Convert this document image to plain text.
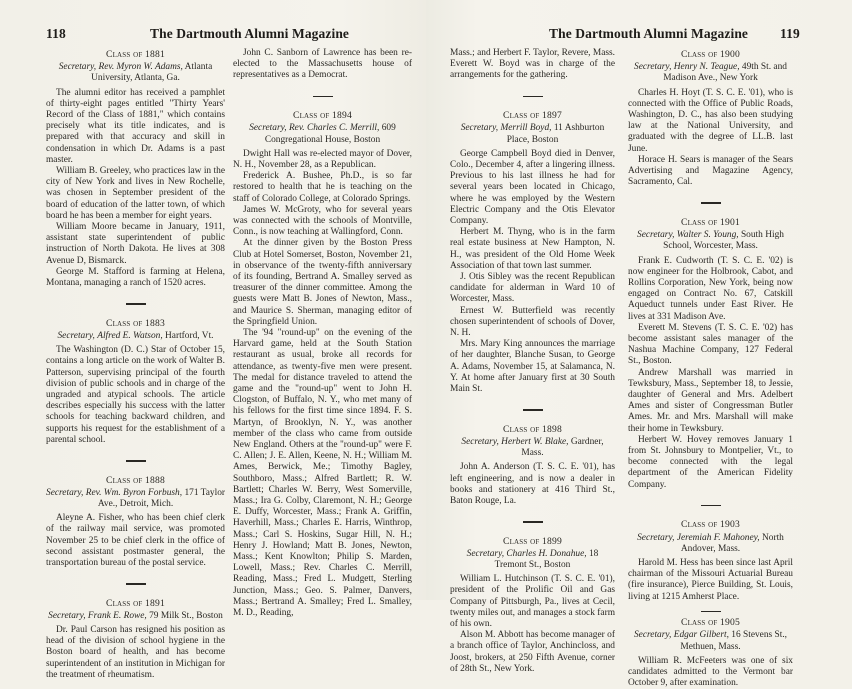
118	The Dartmouth Alumni Magazine
Class of 1881
Secretary, Rev. Myron W. Adams, Atlanta University, Atlanta, Ga.

The alumni editor has received a pamphlet of thirty-eight pages entitled "Thirty Years' Record of the Class of 1881," which contains precisely what its title indicates, and is prepared with that accuracy and skill in condensation in which Dr. Adams is a past master.

William B. Greeley, who practices law in the city of New York and lives in New Rochelle, was chosen in September president of the board of education of the latter town, of which board he has been a member for eight years.

William Moore became in January, 1911, assistant state superintendent of public instruction of North Dakota. He lives at 308 Avenue D, Bismarck.

George M. Stafford is farming at Helena, Montana, managing a ranch of 1520 acres.

Class of 1883
Secretary, Alfred E. Watson, Hartford, Vt.

The Washington (D. C.) Star of October 15, contains a long article on the work of Walter B. Patterson, supervising principal of the fourth division of public schools and in charge of the ungraded and atypical schools. The article describes especially his success with the latter schools for teaching backward children, and supports his request for the establishment of a parental school.

Class of 1888
Secretary, Rev. Wm. Byron Forbush, 171 Taylor Ave., Detroit, Mich.

Aleyne A. Fisher, who has been chief clerk of the railway mail service, was promoted November 25 to be chief clerk in the office of second assistant postmaster general, the transportation bureau of the postal service.

Class of 1891
Secretary, Frank E. Rowe, 79 Milk St., Boston

Dr. Paul Carson has resigned his position as head of the division of school hygiene in the Boston board of health, and has become superintendent of an institution in Michigan for the treatment of rheumatism.

John C. Sanborn of Lawrence has been re-elected to the Massachusetts house of representatives as a Democrat.

Class of 1894
Secretary, Rev. Charles C. Merrill, 609 Congregational House, Boston

Dwight Hall was re-elected mayor of Dover, N. H., November 28, as a Republican.

Frederick A. Bushee, Ph.D., is so far restored to health that he is teaching on the staff of Colorado College, at Colorado Springs.

James W. McGroty, who for several years was connected with the schools of Montville, Conn., is now teaching at Wallingford, Conn.

At the dinner given by the Boston Press Club at Hotel Somerset, Boston, November 21, in observance of the twenty-fifth anniversary of its founding, Bertrand A. Smalley served as treasurer of the dinner committee. Among the guests were Matt B. Jones of Newton, Mass., and Maurice S. Sherman, managing editor of the Springfield Union.

The '94 "round-up" on the evening of the Harvard game, held at the South Station restaurant as usual, broke all records for attendance, as twenty-five men were present. The medal for distance traveled to attend the game and the "round-up" went to John H. Clogston, of Buffalo, N. Y., who met many of his fellows for the first time since 1894. F. S. Martyn, of Brooklyn, N. Y., was another member of the class who came from outside New England. Others at the "round-up" were F. C. Allen; J. E. Allen, Keene, N. H.; William M. Ames, Berwick, Me.; Timothy Bagley, Southboro, Mass.; Alfred Bartlett; R. W. Bartlett; Charles W. Berry, West Somerville, Mass.; Ira G. Colby, Claremont, N. H.; George E. Duffy, Worcester, Mass.; Frank A. Griffin, Haverhill, Mass.; Charles E. Harris, Winthrop, Mass.; Carl S. Hoskins, Sugar Hill, N. H.; Henry J. Howland; Matt B. Jones, Newton, Mass.; Kent Knowlton; Philip S. Marden, Lowell, Mass.; Rev. Charles C. Merrill, Reading, Mass.; Fred L. Mudgett, Sterling Junction, Mass.; Geo. S. Palmer, Danvers, Mass.; Bertrand A. Smalley; Fred L. Smalley, M. D., Reading,

The Dartmouth Alumni Magazine 119

Mass.; and Herbert F. Taylor, Revere, Mass. Everett W. Boyd was in charge of the arrangements for the gathering.

Class of 1897
Secretary, Merrill Boyd, 11 Ashburton Place, Boston

George Campbell Boyd died in Denver, Colo., December 4, after a lingering illness. Previous to his last illness he had for several years been located in Chicago, where he was employed by the Western Electric Company and the Otis Elevator Company.

Herbert M. Thyng, who is in the farm real estate business at New Hampton, N. H., was president of the Old Home Week Association of that town last summer.

J. Otis Sibley was the recent Republican candidate for alderman in Ward 10 of Worcester, Mass.

Ernest W. Butterfield was recently chosen superintendent of schools of Dover, N. H.

Mrs. Mary King announces the marriage of her daughter, Blanche Susan, to George A. Adams, November 15, at Salamanca, N. Y. At home after January first at 30 South Main St.

Class of 1898
Secretary, Herbert W. Blake, Gardner, Mass.

John A. Anderson (T. S. C. E. '01), has left engineering, and is now a dealer in books and stationery at 416 Third St., Baton Rouge, La.

Class of 1899
Secretary, Charles H. Donahue, 18 Tremont St., Boston

William L. Hutchinson (T. S. C. E. '01), president of the Prolific Oil and Gas Company of Pittsburgh, Pa., lives at Cecil, twenty miles out, and manages a stock farm of his own.

Alson M. Abbott has become manager of a branch office of Taylor, Anchincloss, and Joost, brokers, at 250 Fifth Avenue, corner of 28th St., New York.

Class of 1900
Secretary, Henry N. Teague, 49th St. and Madison Ave., New York

Charles H. Hoyt (T. S. C. E. '01), who is connected with the Office of Public Roads, Washington, D. C., has also been studying law at the National University, and graduated with the degree of LL.B. last June.

Horace H. Sears is manager of the Sears Advertising and Magazine Agency, Sacramento, Cal.

Class of 1901
Secretary, Walter S. Young, South High School, Worcester, Mass.

Frank E. Cudworth (T. S. C. E. '02) is now engineer for the Holbrook, Cabot, and Rollins Corporation, New York, being now engaged on Contract No. 67, Catskill Aqueduct tunnels under East River. He lives at 331 Madison Ave.

Everett M. Stevens (T. S. C. E. '02) has become assistant sales manager of the Nashua Machine Company, 127 Federal St., Boston.

Andrew Marshall was married in Tewksbury, Mass., September 18, to Jessie, daughter of General and Mrs. Adelbert Ames and sister of Congressman Butler Ames. Mr. and Mrs. Marshall will make their home in Tewksbury.

Herbert W. Hovey removes January 1 from St. Johnsbury to Montpelier, Vt., to become connected with the legal department of the American Fidelity Company.

Class of 1903
Secretary, Jeremiah F. Mahoney, North Andover, Mass.

Harold M. Hess has been since last April chairman of the Missouri Actuarial Bureau (fire insurance), Pierce Building, St. Louis, living at 1215 Amherst Place.

Class of 1905
Secretary, Edgar Gilbert, 16 Stevens St., Methuen, Mass.

William R. McFeeters was one of six candidates admitted to the Vermont bar October 9, after examination.
